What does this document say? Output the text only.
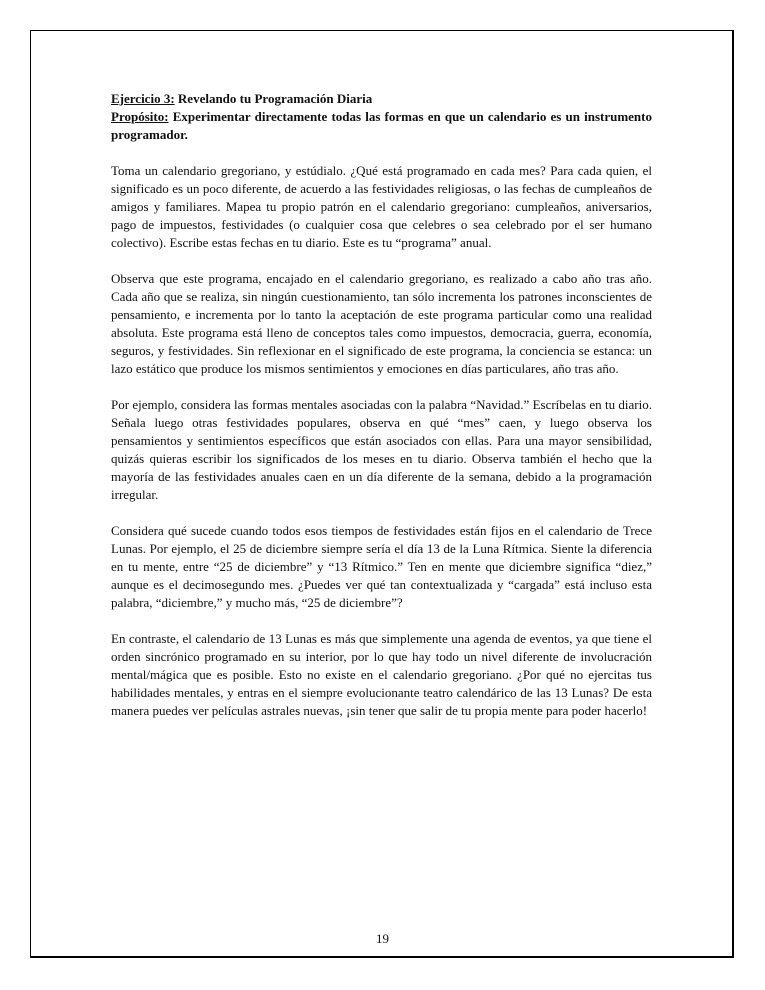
Ejercicio 3: Revelando tu Programación Diaria

Propósito: Experimentar directamente todas las formas en que un calendario es un instrumento programador.

Toma un calendario gregoriano, y estúdialo. ¿Qué está programado en cada mes? Para cada quien, el significado es un poco diferente, de acuerdo a las festividades religiosas, o las fechas de cumpleaños de amigos y familiares. Mapea tu propio patrón en el calendario gregoriano: cumpleaños, aniversarios, pago de impuestos, festividades (o cualquier cosa que celebres o sea celebrado por el ser humano colectivo). Escribe estas fechas en tu diario. Este es tu “programa” anual.

Observa que este programa, encajado en el calendario gregoriano, es realizado a cabo año tras año. Cada año que se realiza, sin ningún cuestionamiento, tan sólo incrementa los patrones inconscientes de pensamiento, e incrementa por lo tanto la aceptación de este programa particular como una realidad absoluta. Este programa está lleno de conceptos tales como impuestos, democracia, guerra, economía, seguros, y festividades. Sin reflexionar en el significado de este programa, la conciencia se estanca: un lazo estático que produce los mismos sentimientos y emociones en días particulares, año tras año.

Por ejemplo, considera las formas mentales asociadas con la palabra “Navidad.” Escríbelas en tu diario. Señala luego otras festividades populares, observa en qué “mes” caen, y luego observa los pensamientos y sentimientos específicos que están asociados con ellas. Para una mayor sensibilidad, quizás quieras escribir los significados de los meses en tu diario. Observa también el hecho que la mayoría de las festividades anuales caen en un día diferente de la semana, debido a la programación irregular.

Considera qué sucede cuando todos esos tiempos de festividades están fijos en el calendario de Trece Lunas. Por ejemplo, el 25 de diciembre siempre sería el día 13 de la Luna Rítmica. Siente la diferencia en tu mente, entre “25 de diciembre” y “13 Rítmico.” Ten en mente que diciembre significa “diez,” aunque es el decimosegundo mes. ¿Puedes ver qué tan contextualizada y “cargada” está incluso esta palabra, “diciembre,” y mucho más, “25 de diciembre”?

En contraste, el calendario de 13 Lunas es más que simplemente una agenda de eventos, ya que tiene el orden sincrónico programado en su interior, por lo que hay todo un nivel diferente de involucración mental/mágica que es posible. Esto no existe en el calendario gregoriano. ¿Por qué no ejercitas tus habilidades mentales, y entras en el siempre evolucionante teatro calendárico de las 13 Lunas? De esta manera puedes ver películas astrales nuevas, ¡sin tener que salir de tu propia mente para poder hacerlo!

19
